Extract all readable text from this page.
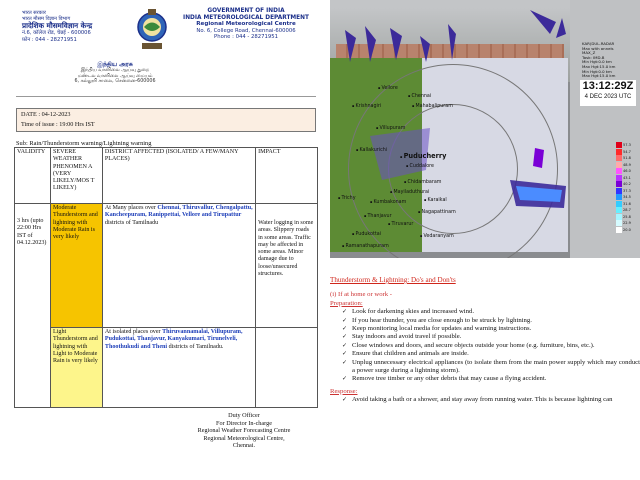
भारत सरकार
भारत मौसम विज्ञान विभाग
प्रादेशिक मौसमविज्ञान केन्द्र
नं.6, कॉलेज रोड, चेन्नई - 600006
फ़ोन : 044 - 28271951
GOVERNMENT OF INDIA
INDIA METEOROLOGICAL DEPARTMENT
Regional Meteorological Centre
No. 6, College Road, Chennai-600006
Phone : 044 - 28271951
இந்திய அரசு
இந்திய வானிலை ஆய்வு துறை
மண்டல வானிலை ஆய்வு மையம்
6, கல்லூரி சாலை, சென்னை-600006
DATE : 04-12-2023
Time of issue : 19:00 Hrs IST
Sub: Rain/Thunderstorm warning/Lightning warning
VALIDITY	SEVERE WEATHER PHENOMEN A (VERY LIKELY/MOS T LIKELY)	DISTRICT AFFECTED (ISOLATED/ A FEW/MANY PLACES)	IMPACT
3 hrs (upto 22:00 Hrs IST of 04.12.2023)	Moderate Thunderstorm and lightning with Moderate Rain is very likely	At Many places over Chennai, Thiruvallur, Chengalpattu, Kancheepuram, Ranippettai, Vellore and Tirupattur districts of Tamilnadu	Water logging in some areas. Slippery roads in some areas. Traffic may be affected in some areas. Minor damage due to loose/unsecured structures.
	Light Thunderstorm and lightning with Light to Moderate Rain is very likely	At isolated places over Thiruvannamalai, Villupuram, Pudukottai, Thanjavur, Kanyakumari, Tirunelveli, Thoothukudi and Theni districts of Tamilnadu.	
Duty Officer
For Director In-charge
Regional Weather Forecasting Centre
Regional Meteorological Centre,
Chennai.
KAR(DUL-RADAR
Max with annels
MAX_Z
Task: IMD-B
Min Hgt:0.0 km
Max Hgt:15.0 km
Min Hgt:0.0 km
Max Hgt:15.0 km
13:12:29Z
4 DEC 2023 UTC
57.3
54.7
51.8
48.9
46.0
43.1
40.2
37.3
34.5
31.6
28.7
25.8
22.9
20.0
▪ Chennai
▪ Mahabalipuram
▪ Vellore
▪ Krishnagiri
▪ Villupuram
▪ Puducherry
▪ Cuddalore
▪ Kallakurichi
▪ Chidambaram
▪ Mayiladuthurai
▪ Karaikal
▪ Kumbakonam
▪ Nagapattinam
▪ Thanjavur
▪ Tiruvarur
▪ Trichy
▪ Pudukottai	▪ Vedaranyam
▪ Ramanathapuram
Thunderstorm & Lightning: Do's and Don'ts
(i) If at home or work -
Preparation:
✓ Look for darkening skies and increased wind.
✓ If you hear thunder, you are close enough to be struck by lightning.
✓ Keep monitoring local media for updates and warning instructions.
✓ Stay indoors and avoid travel if possible.
✓ Close windows and doors, and secure objects outside your home (e.g. furniture, bins, etc.).
✓ Ensure that children and animals are inside.
✓ Unplug unnecessary electrical appliances (to isolate them from the main power supply which may conduct a power surge during a lightning storm).
✓ Remove tree timber or any other debris that may cause a flying accident.
Response:
✓ Avoid taking a bath or a shower, and stay away from running water. This is because lightning can
